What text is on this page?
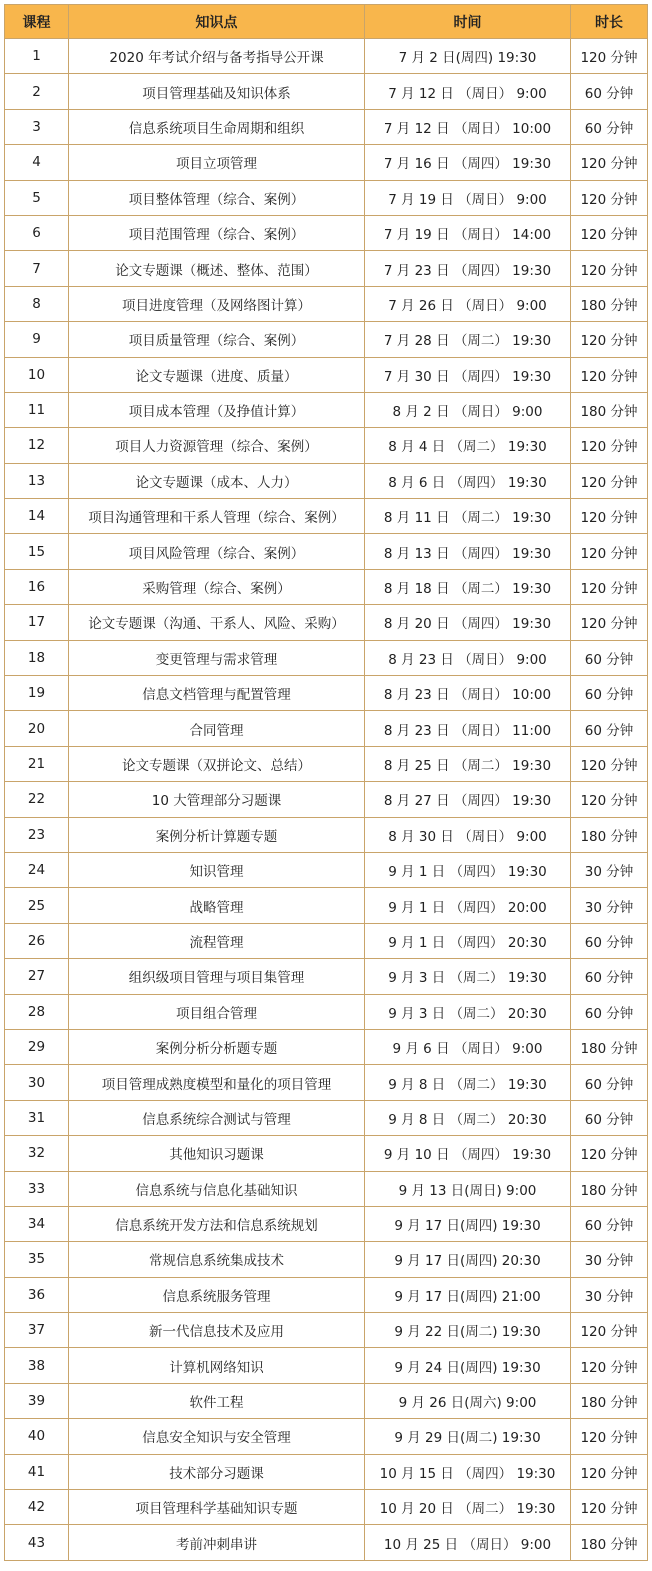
课程	知识点	时间	时长
1	2020 年考试介绍与备考指导公开课	7 月 2 日(周四) 19:30	120 分钟
2	项目管理基础及知识体系	7 月 12 日 （周日） 9:00	60 分钟
3	信息系统项目生命周期和组织	7 月 12 日 （周日） 10:00	60 分钟
4	项目立项管理	7 月 16 日 （周四） 19:30	120 分钟
5	项目整体管理（综合、案例）	7 月 19 日 （周日） 9:00	120 分钟
6	项目范围管理（综合、案例）	7 月 19 日 （周日） 14:00	120 分钟
7	论文专题课（概述、整体、范围）	7 月 23 日 （周四） 19:30	120 分钟
8	项目进度管理（及网络图计算）	7 月 26 日 （周日） 9:00	180 分钟
9	项目质量管理（综合、案例）	7 月 28 日 （周二） 19:30	120 分钟
10	论文专题课（进度、质量）	7 月 30 日 （周四） 19:30	120 分钟
11	项目成本管理（及挣值计算）	8 月 2 日 （周日） 9:00	180 分钟
12	项目人力资源管理（综合、案例）	8 月 4 日 （周二） 19:30	120 分钟
13	论文专题课（成本、人力）	8 月 6 日 （周四） 19:30	120 分钟
14	项目沟通管理和干系人管理（综合、案例）	8 月 11 日 （周二） 19:30	120 分钟
15	项目风险管理（综合、案例）	8 月 13 日 （周四） 19:30	120 分钟
16	采购管理（综合、案例）	8 月 18 日 （周二） 19:30	120 分钟
17	论文专题课（沟通、干系人、风险、采购）	8 月 20 日 （周四） 19:30	120 分钟
18	变更管理与需求管理	8 月 23 日 （周日） 9:00	60 分钟
19	信息文档管理与配置管理	8 月 23 日 （周日） 10:00	60 分钟
20	合同管理	8 月 23 日 （周日） 11:00	60 分钟
21	论文专题课（双拼论文、总结）	8 月 25 日 （周二） 19:30	120 分钟
22	10 大管理部分习题课	8 月 27 日 （周四） 19:30	120 分钟
23	案例分析计算题专题	8 月 30 日 （周日） 9:00	180 分钟
24	知识管理	9 月 1 日 （周四） 19:30	30 分钟
25	战略管理	9 月 1 日 （周四） 20:00	30 分钟
26	流程管理	9 月 1 日 （周四） 20:30	60 分钟
27	组织级项目管理与项目集管理	9 月 3 日 （周二） 19:30	60 分钟
28	项目组合管理	9 月 3 日 （周二） 20:30	60 分钟
29	案例分析分析题专题	9 月 6 日 （周日） 9:00	180 分钟
30	项目管理成熟度模型和量化的项目管理	9 月 8 日 （周二） 19:30	60 分钟
31	信息系统综合测试与管理	9 月 8 日 （周二） 20:30	60 分钟
32	其他知识习题课	9 月 10 日 （周四） 19:30	120 分钟
33	信息系统与信息化基础知识	9 月 13 日(周日) 9:00	180 分钟
34	信息系统开发方法和信息系统规划	9 月 17 日(周四) 19:30	60 分钟
35	常规信息系统集成技术	9 月 17 日(周四) 20:30	30 分钟
36	信息系统服务管理	9 月 17 日(周四) 21:00	30 分钟
37	新一代信息技术及应用	9 月 22 日(周二) 19:30	120 分钟
38	计算机网络知识	9 月 24 日(周四) 19:30	120 分钟
39	软件工程	9 月 26 日(周六) 9:00	180 分钟
40	信息安全知识与安全管理	9 月 29 日(周二) 19:30	120 分钟
41	技术部分习题课	10 月 15 日 （周四） 19:30	120 分钟
42	项目管理科学基础知识专题	10 月 20 日 （周二） 19:30	120 分钟
43	考前冲刺串讲	10 月 25 日 （周日） 9:00	180 分钟
